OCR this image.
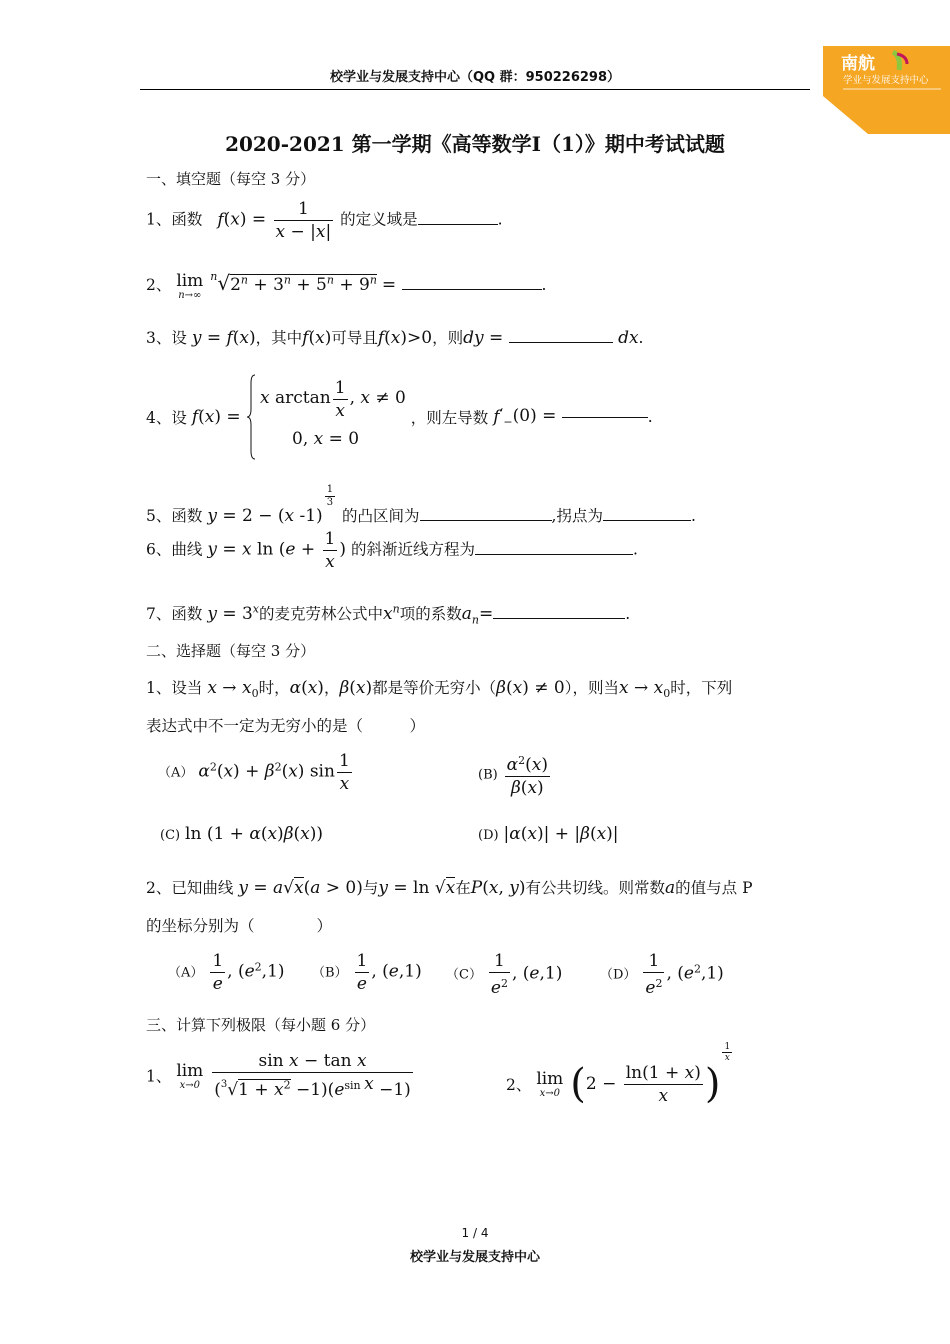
校学业与发展支持中心（QQ 群：950226298）
南航
学业与发展支持中心
2020-2021 第一学期《高等数学Ⅰ（1）》期中考试试题
一、填空题（每空 3 分）
1、函数 $f(x) = \frac{1}{x - |x|}$ 的定义域是	.
2、 lim
n→∞
$^n√2^n + 3^n + 5^n + 9^n$ =	.
3、设 y = f(x)，其中f(x)可导且f(x)>0，则dy =	dx.
4、设 f(x) =
x $\arctan \frac{1}{x}$ , x ≠ 0
0, x = 0
，则左导数 $f'_-(0)$ =	.
5、函数 y = 2 − (x -1)
$\frac{1}{3}$
的凸区间为	,拐点为	.
6、曲线 y = x $\ln (e + \frac{1}{x}$ ) 的斜渐近线方程为	.
7、函数 $y = 3^x$的麦克劳林公式中$x^n$项的系数$a_n=$	.
二、选择题（每空 3 分）
1、设当 $x \to x_0$时，α(x)，β(x)都是等价无穷小（β(x) ≠ 0），则当$x \to x_0$时，下列
表达式中不一定为无穷小的是（　　　）
（A） $\alpha^2(x) + \beta^2(x)$ $\sin \frac{1}{x}$	$(B) \frac{\alpha^2(x)}{\beta(x)}$
(C) ln (1 + α(x)β(x))	(D) |α(x)| + |β(x)|
2、已知曲线 y = a√x(a > 0)与y = ln √x在P(x, y)有公共切线。则常数a的值与点 P
的坐标分别为（　　　　）
$(A) \frac{1}{e}$ , $(e^2,1)$ $(B) \frac{1}{e}$ , (e,1) $(C) \frac{1}{e^2}$ , (e,1)	$(D) \frac{1}{e^2}$ , $(e^2,1)$
三、计算下列极限（每小题 6 分）
1、 lim
x→0
$\frac{\text{sin x − tan x}}{(^3√1 + x^2 -1)(e^{sin x} -1)}$	2、 lim
x→0 ($2 - \frac{\ln(1 + x)}{x}$ )
$\frac{1}{x}$
1 / 4
校学业与发展支持中心
